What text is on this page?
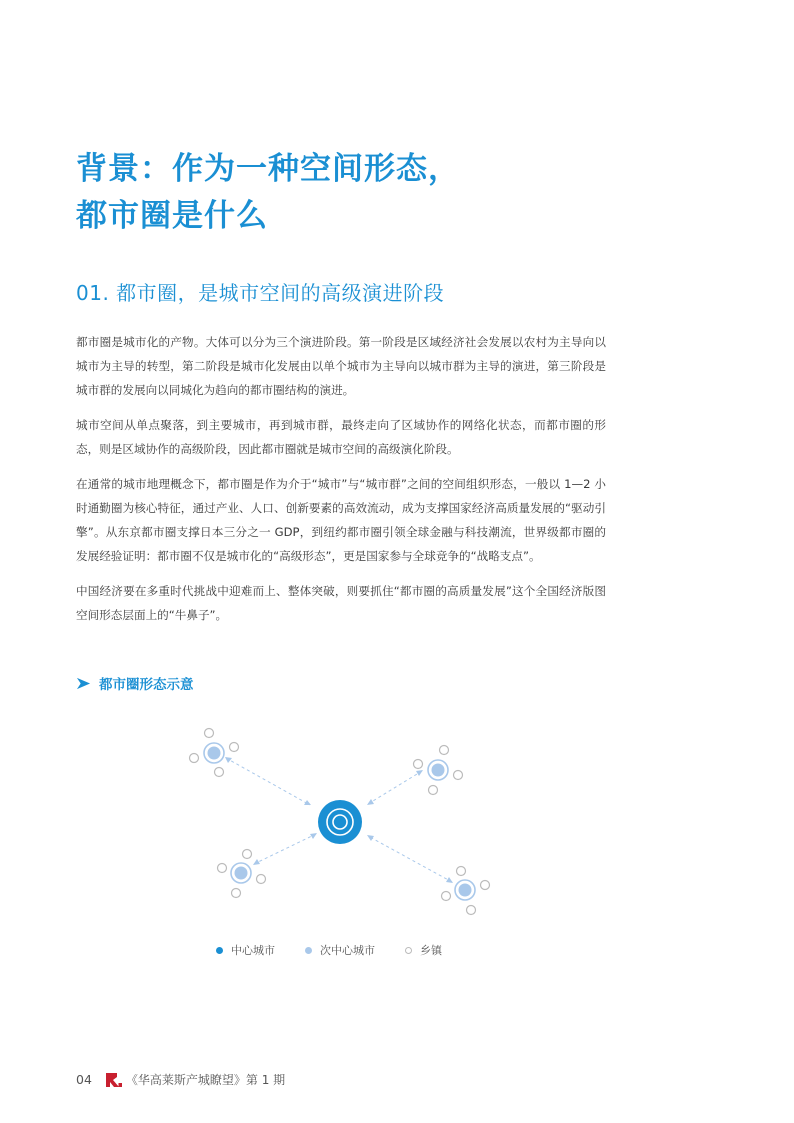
背景：作为一种空间形态，
都市圈是什么
01. 都市圈，是城市空间的高级演进阶段

都市圈是城市化的产物。大体可以分为三个演进阶段。第一阶段是区域经济社会发展以农村为主导向以城市为主导的转型，第二阶段是城市化发展由以单个城市为主导向以城市群为主导的演进，第三阶段是城市群的发展向以同城化为趋向的都市圈结构的演进。

城市空间从单点聚落，到主要城市，再到城市群，最终走向了区域协作的网络化状态，而都市圈的形态，则是区域协作的高级阶段，因此都市圈就是城市空间的高级演化阶段。

在通常的城市地理概念下，都市圈是作为介于“城市”与“城市群”之间的空间组织形态，一般以 1—2 小时通勤圈为核心特征，通过产业、人口、创新要素的高效流动，成为支撑国家经济高质量发展的“驱动引擎”。从东京都市圈支撑日本三分之一 GDP，到纽约都市圈引领全球金融与科技潮流，世界级都市圈的发展经验证明：都市圈不仅是城市化的“高级形态”，更是国家参与全球竞争的“战略支点”。

中国经济要在多重时代挑战中迎难而上、整体突破，则要抓住“都市圈的高质量发展”这个全国经济版图空间形态层面上的“牛鼻子”。

都市圈形态示意
中心城市	次中心城市	乡镇
04	《华高莱斯产城瞭望》第 1 期
